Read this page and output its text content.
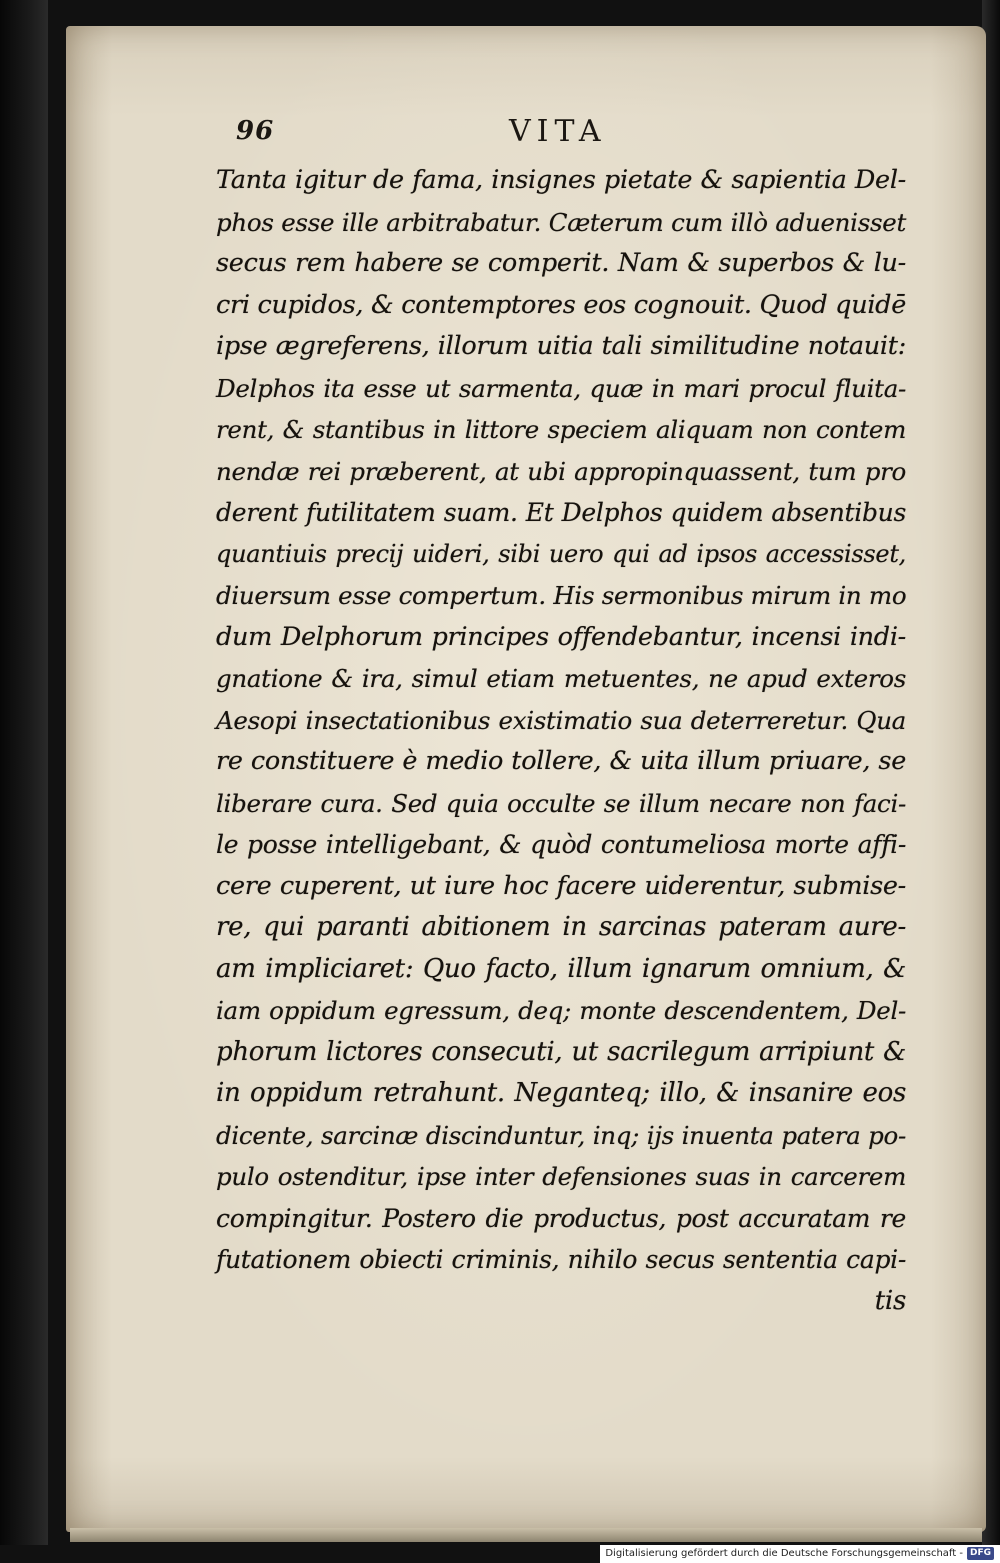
96	VITA
Tanta igitur de fama, insignes pietate & sapientia Del-
phos esse ille arbitrabatur. Cæterum cum illò aduenisset
secus rem habere se comperit. Nam & superbos & lu-
cri cupidos, & contemptores eos cognouit. Quod quidē
ipse ægreferens, illorum uitia tali similitudine notauit:
Delphos ita esse ut sarmenta, quæ in mari procul fluita-
rent, & stantibus in littore speciem aliquam non contem
nendæ rei præberent, at ubi appropinquassent, tum pro
derent futilitatem suam. Et Delphos quidem absentibus
quantiuis precij uideri, sibi uero qui ad ipsos accessisset,
diuersum esse compertum. His sermonibus mirum in mo
dum Delphorum principes offendebantur, incensi indi-
gnatione & ira, simul etiam metuentes, ne apud exteros
Aesopi insectationibus existimatio sua deterreretur. Qua
re constituere è medio tollere, & uita illum priuare, se
liberare cura. Sed quia occulte se illum necare non faci-
le posse intelligebant, & quòd contumeliosa morte affi-
cere cuperent, ut iure hoc facere uiderentur, submise-
re, qui paranti abitionem in sarcinas pateram aure-
am impliciaret: Quo facto, illum ignarum omnium, &
iam oppidum egressum, deq; monte descendentem, Del-
phorum lictores consecuti, ut sacrilegum arripiunt &
in oppidum retrahunt. Neganteq; illo, & insanire eos
dicente, sarcinæ discinduntur, inq; ijs inuenta patera po-
pulo ostenditur, ipse inter defensiones suas in carcerem
compingitur. Postero die productus, post accuratam re
futationem obiecti criminis, nihilo secus sententia capi-
tis
Digitalisierung gefördert durch die Deutsche Forschungsgemeinschaft - DFG
